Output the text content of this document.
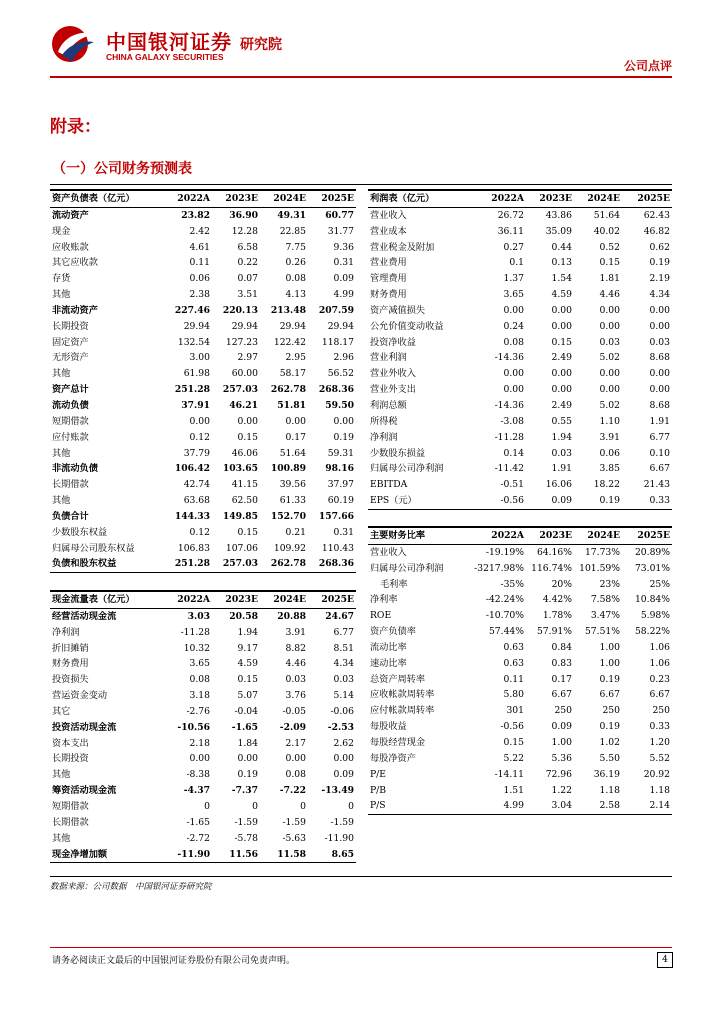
中国银河证券
CHINA GALAXY SECURITIES
研究院
公司点评
附录：
（一）公司财务预测表
资产负债表（亿元）	2022A	2023E	2024E	2025E
流动资产	23.82	36.90	49.31	60.77
现金	2.42	12.28	22.85	31.77
应收账款	4.61	6.58	7.75	9.36
其它应收款	0.11	0.22	0.26	0.31
存货	0.06	0.07	0.08	0.09
其他	2.38	3.51	4.13	4.99
非流动资产	227.46	220.13	213.48	207.59
长期投资	29.94	29.94	29.94	29.94
固定资产	132.54	127.23	122.42	118.17
无形资产	3.00	2.97	2.95	2.96
其他	61.98	60.00	58.17	56.52
资产总计	251.28	257.03	262.78	268.36
流动负债	37.91	46.21	51.81	59.50
短期借款	0.00	0.00	0.00	0.00
应付账款	0.12	0.15	0.17	0.19
其他	37.79	46.06	51.64	59.31
非流动负债	106.42	103.65	100.89	98.16
长期借款	42.74	41.15	39.56	37.97
其他	63.68	62.50	61.33	60.19
负债合计	144.33	149.85	152.70	157.66
少数股东权益	0.12	0.15	0.21	0.31
归属母公司股东权益	106.83	107.06	109.92	110.43
负债和股东权益	251.28	257.03	262.78	268.36
利润表（亿元）	2022A	2023E	2024E	2025E
营业收入	26.72	43.86	51.64	62.43
营业成本	36.11	35.09	40.02	46.82
营业税金及附加	0.27	0.44	0.52	0.62
营业费用	0.1	0.13	0.15	0.19
管理费用	1.37	1.54	1.81	2.19
财务费用	3.65	4.59	4.46	4.34
资产减值损失	0.00	0.00	0.00	0.00
公允价值变动收益	0.24	0.00	0.00	0.00
投资净收益	0.08	0.15	0.03	0.03
营业利润	-14.36	2.49	5.02	8.68
营业外收入	0.00	0.00	0.00	0.00
营业外支出	0.00	0.00	0.00	0.00
利润总额	-14.36	2.49	5.02	8.68
所得税	-3.08	0.55	1.10	1.91
净利润	-11.28	1.94	3.91	6.77
少数股东损益	0.14	0.03	0.06	0.10
归属母公司净利润	-11.42	1.91	3.85	6.67
EBITDA	-0.51	16.06	18.22	21.43
EPS（元）	-0.56	0.09	0.19	0.33
主要财务比率	2022A	2023E	2024E	2025E
营业收入	-19.19%	64.16%	17.73%	20.89%
归属母公司净利润	-3217.98%	116.74%	101.59%	73.01%
毛利率	-35%	20%	23%	25%
净利率	-42.24%	4.42%	7.58%	10.84%
ROE	-10.70%	1.78%	3.47%	5.98%
资产负债率	57.44%	57.91%	57.51%	58.22%
流动比率	0.63	0.84	1.00	1.06
速动比率	0.63	0.83	1.00	1.06
总资产周转率	0.11	0.17	0.19	0.23
应收帐款周转率	5.80	6.67	6.67	6.67
应付帐款周转率	301	250	250	250
每股收益	-0.56	0.09	0.19	0.33
每股经营现金	0.15	1.00	1.02	1.20
每股净资产	5.22	5.36	5.50	5.52
P/E	-14.11	72.96	36.19	20.92
P/B	1.51	1.22	1.18	1.18
P/S	4.99	3.04	2.58	2.14
现金流量表（亿元）	2022A	2023E	2024E	2025E
经营活动现金流	3.03	20.58	20.88	24.67
净利润	-11.28	1.94	3.91	6.77
折旧摊销	10.32	9.17	8.82	8.51
财务费用	3.65	4.59	4.46	4.34
投资损失	0.08	0.15	0.03	0.03
营运资金变动	3.18	5.07	3.76	5.14
其它	-2.76	-0.04	-0.05	-0.06
投资活动现金流	-10.56	-1.65	-2.09	-2.53
资本支出	2.18	1.84	2.17	2.62
长期投资	0.00	0.00	0.00	0.00
其他	-8.38	0.19	0.08	0.09
筹资活动现金流	-4.37	-7.37	-7.22	-13.49
短期借款	0	0	0	0
长期借款	-1.65	-1.59	-1.59	-1.59
其他	-2.72	-5.78	-5.63	-11.90
现金净增加额	-11.90	11.56	11.58	8.65
数据来源：公司数据　中国银河证券研究院
请务必阅读正文最后的中国银河证券股份有限公司免责声明。	4
